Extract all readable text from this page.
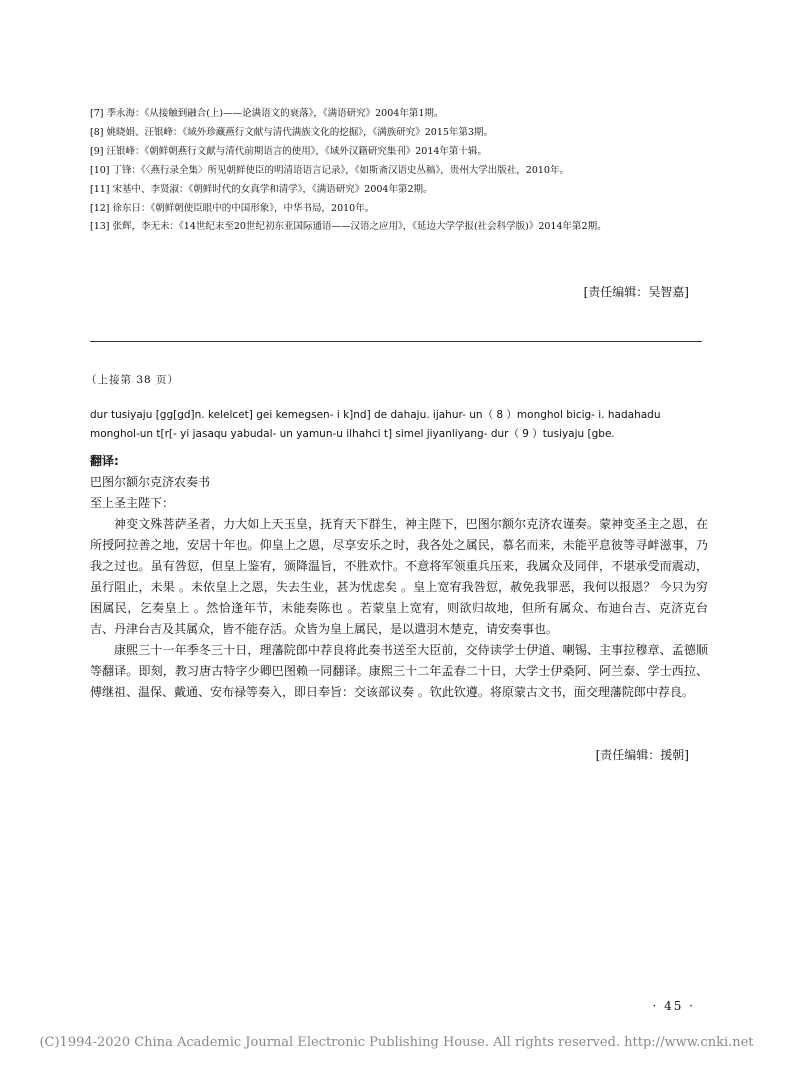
[7] 季永海：《从接触到融合(上)——论满语文的衰落》，《满语研究》2004年第1期。

[8] 姚晓娟、汪银峰：《域外珍藏燕行文献与清代满族文化的挖掘》，《满族研究》2015年第3期。

[9] 汪银峰：《朝鲜朝燕行文献与清代前期语言的使用》，《域外汉籍研究集刊》2014年第十辑。

[10] 丁锋：《〈燕行录全集〉所见朝鲜使臣的明清语语言记录》，《如斯斋汉语史丛稿》，贵州大学出版社，2010年。

[11] 宋基中、李贤淑：《朝鲜时代的女真学和清学》，《满语研究》2004年第2期。

[12] 徐东日：《朝鲜朝使臣眼中的中国形象》，中华书局，2010年。

[13] 张辉，李无未：《14世纪末至20世纪初东亚国际通语——汉语之应用》，《延边大学学报(社会科学版)》2014年第2期。

[责任编辑：吴智嘉]
（上接第 38 页）

dur tusiyaju [gg[gd]n. kelelcet] gei kemegsen- i k]nd] de dahaju. ijahur- un（ 8 ）monghol bicig- i. hadahadu

monghol-un t[r[- yi jasaqu yabudal- un yamun-u ilhahci t] simel jiyanliyang- dur（ 9 ）tusiyaju [gbe.

翻译:

巴图尔额尔克济农奏书

至上圣主陛下：

神变文殊菩萨圣者，力大如上天玉皇，抚育天下群生，神主陛下，巴图尔额尔克济农谨奏。蒙神变圣主之恩，在所授阿拉善之地，安居十年也。仰皇上之恩，尽享安乐之时，我各处之属民，慕名而来，未能平息彼等寻衅滋事，乃我之过也。虽有咎愆，但皇上鉴宥，颁降温旨，不胜欢忭。不意将军领重兵压来，我属众及同伴，不堪承受而震动，虽行阻止，未果 。未依皇上之恩，失去生业，甚为忧虑矣 。皇上宽宥我咎愆，赦免我罪恶，我何以报恩？ 今只为穷困属民，乞奏皇上 。然恰逢年节，未能奏陈也 。若蒙皇上宽宥，则欲归故地，但所有属众、布迪台吉、克济克台吉、丹津台吉及其属众，皆不能存活。众皆为皇上属民，是以遣羽木楚克，请安奏事也。

康熙三十一年季冬三十日，理藩院郎中荐良将此奏书送至大臣前，交侍读学士伊道、喇锡、主事拉穆章、孟德顺等翻译。即刻，教习唐古特字少卿巴图赖一同翻译。康熙三十二年孟春二十日，大学士伊桑阿、阿兰泰、学士西拉、傅继祖、温保、戴通、安布禄等奏入，即日奉旨：交该部议奏 。钦此钦遵。将原蒙古文书，面交理藩院郎中荐良。

[责任编辑：援朝]
· 45 ·
(C)1994-2020 China Academic Journal Electronic Publishing House. All rights reserved. http://www.cnki.net
